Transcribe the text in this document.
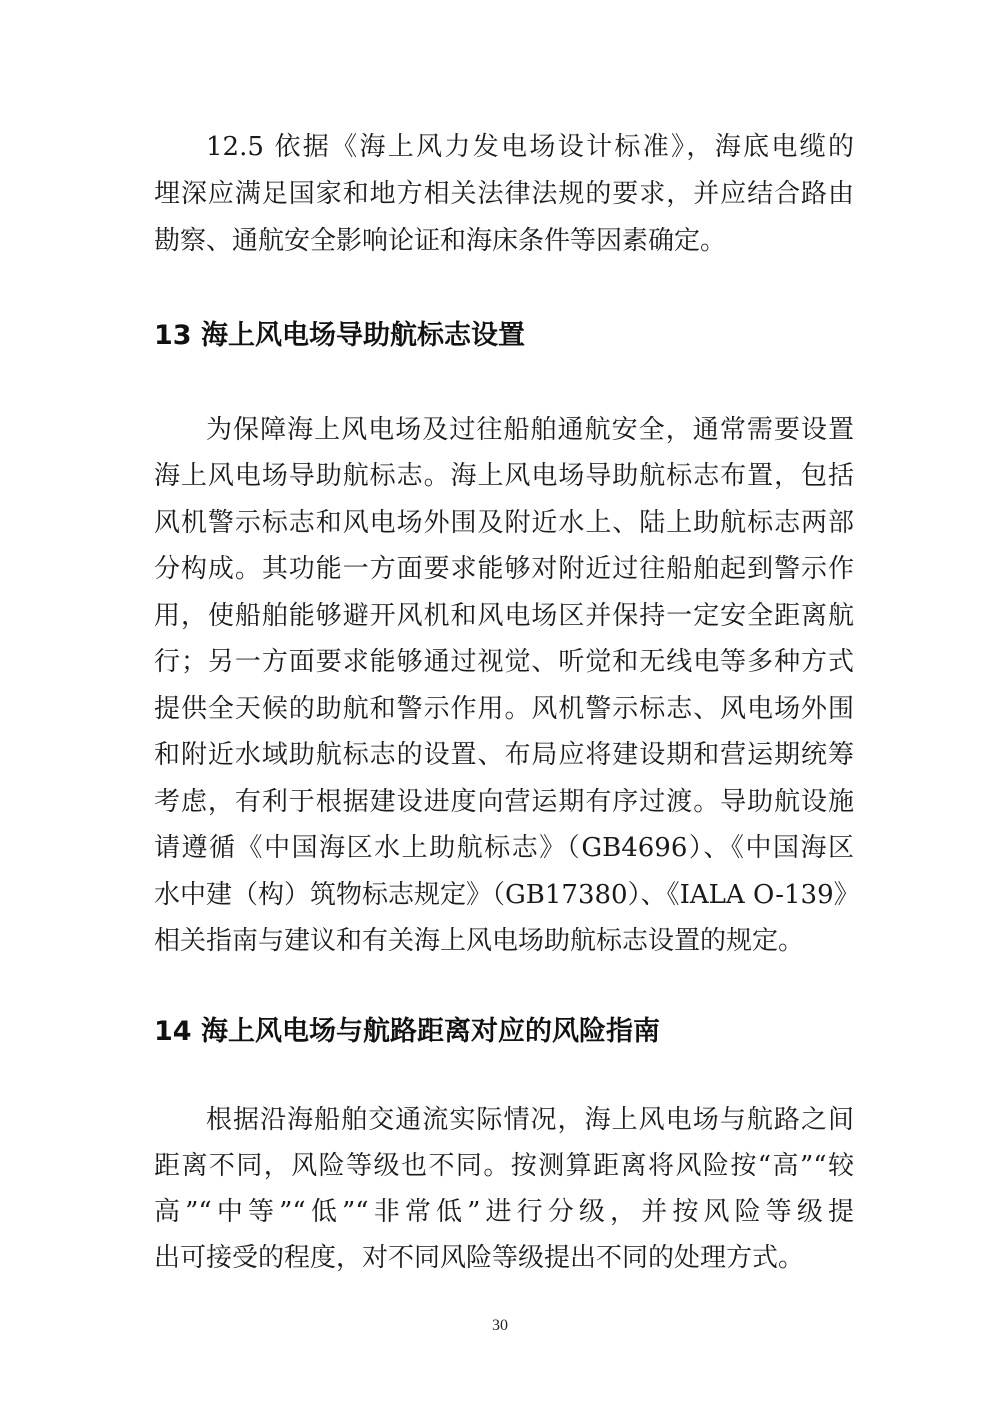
12.5 依据《海上风力发电场设计标准》，海底电缆的
埋深应满足国家和地方相关法律法规的要求，并应结合路由
勘察、通航安全影响论证和海床条件等因素确定。
13 海上风电场导助航标志设置
为保障海上风电场及过往船舶通航安全，通常需要设置
海上风电场导助航标志。海上风电场导助航标志布置，包括
风机警示标志和风电场外围及附近水上、陆上助航标志两部
分构成。其功能一方面要求能够对附近过往船舶起到警示作
用，使船舶能够避开风机和风电场区并保持一定安全距离航
行；另一方面要求能够通过视觉、听觉和无线电等多种方式
提供全天候的助航和警示作用。风机警示标志、风电场外围
和附近水域助航标志的设置、布局应将建设期和营运期统筹
考虑，有利于根据建设进度向营运期有序过渡。导助航设施
请遵循《中国海区水上助航标志》（GB4696）、《中国海区
水中建（构）筑物标志规定》（GB17380）、《IALA O-139》
相关指南与建议和有关海上风电场助航标志设置的规定。
14 海上风电场与航路距离对应的风险指南
根据沿海船舶交通流实际情况，海上风电场与航路之间
距离不同，风险等级也不同。按测算距离将风险按“高”“较
高”“中等”“低”“非常低”进行分级，并按风险等级提
出可接受的程度，对不同风险等级提出不同的处理方式。
30
